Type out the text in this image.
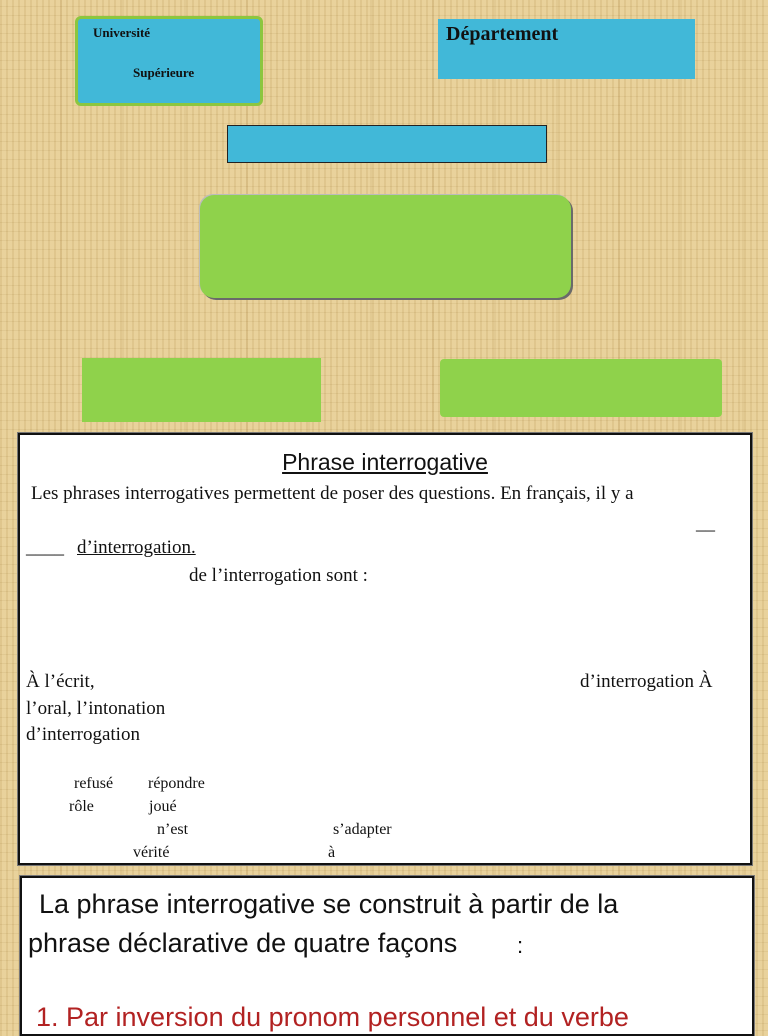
Université
Supérieure
Département
Phrase interrogative
Les phrases interrogatives permettent de poser des questions. En français, il y a
__
____ d’interrogation.
de l’interrogation sont :
À l’écrit,	d’interrogation À
l’oral, l’intonation
d’interrogation
refusé répondre
rôle	joué
n’est	s’adapter
vérité	à
La phrase interrogative se construit à partir de la
phrase déclarative de quatre façons	:
1. Par inversion du pronom personnel et du verbe
